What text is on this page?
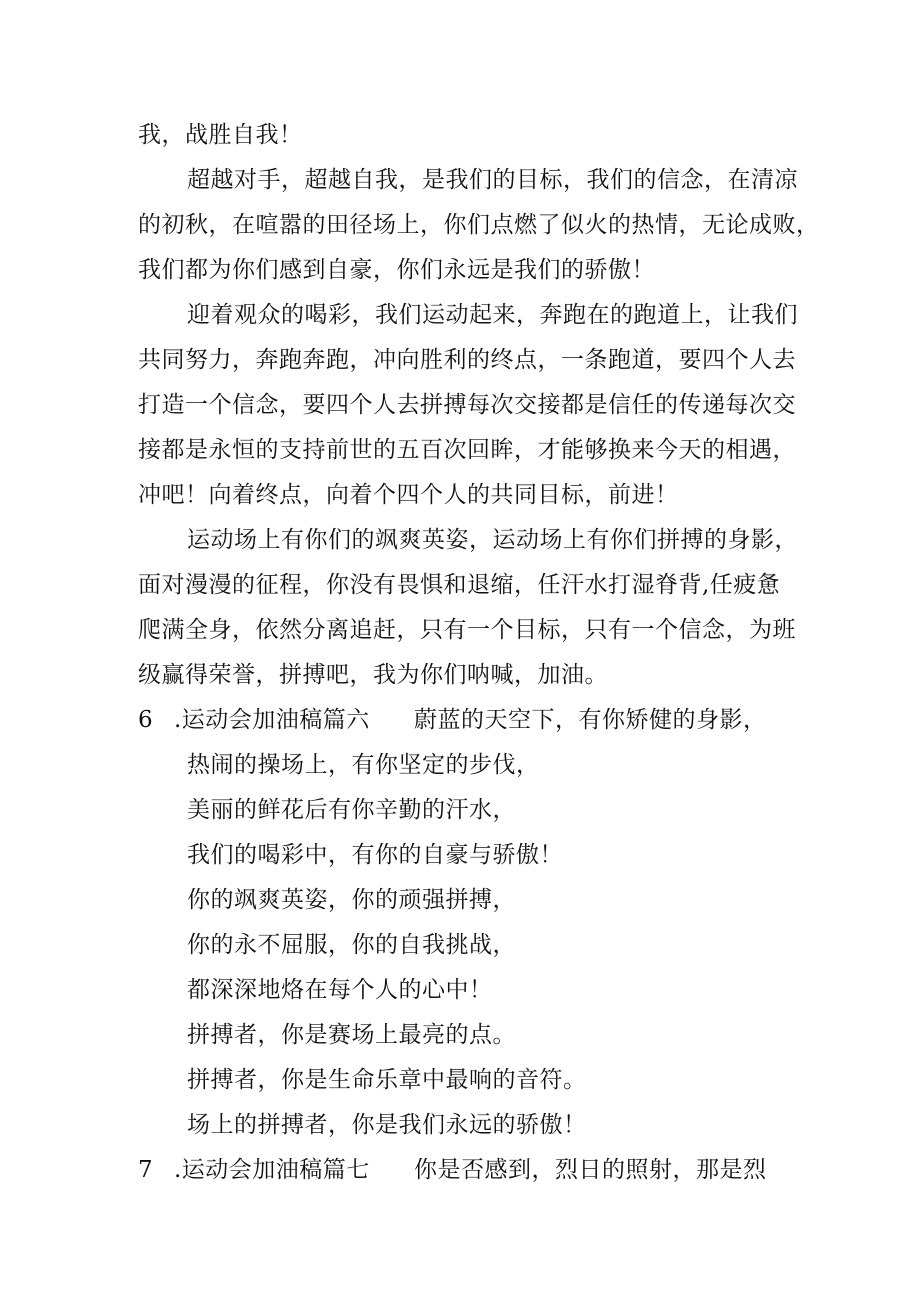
我，战胜自我！
超越对手，超越自我，是我们的目标，我们的信念，在清凉
的初秋，在喧嚣的田径场上，你们点燃了似火的热情，无论成败，
我们都为你们感到自豪，你们永远是我们的骄傲！
迎着观众的喝彩，我们运动起来，奔跑在的跑道上，让我们
共同努力，奔跑奔跑，冲向胜利的终点，一条跑道，要四个人去
打造一个信念，要四个人去拼搏每次交接都是信任的传递每次交
接都是永恒的支持前世的五百次回眸，才能够换来今天的相遇，
冲吧！向着终点，向着个四个人的共同目标，前进！
运动场上有你们的飒爽英姿，运动场上有你们拼搏的身影，
面对漫漫的征程，你没有畏惧和退缩，任汗水打湿脊背,任疲惫
爬满全身，依然分离追赶，只有一个目标，只有一个信念，为班
级赢得荣誉，拼搏吧，我为你们呐喊，加油。
6 .运动会加油稿篇六 蔚蓝的天空下，有你矫健的身影，
热闹的操场上，有你坚定的步伐，
美丽的鲜花后有你辛勤的汗水，
我们的喝彩中，有你的自豪与骄傲！
你的飒爽英姿，你的顽强拼搏，
你的永不屈服，你的自我挑战，
都深深地烙在每个人的心中！
拼搏者，你是赛场上最亮的点。
拼搏者，你是生命乐章中最响的音符。
场上的拼搏者，你是我们永远的骄傲！
7 .运动会加油稿篇七 你是否感到，烈日的照射，那是烈
